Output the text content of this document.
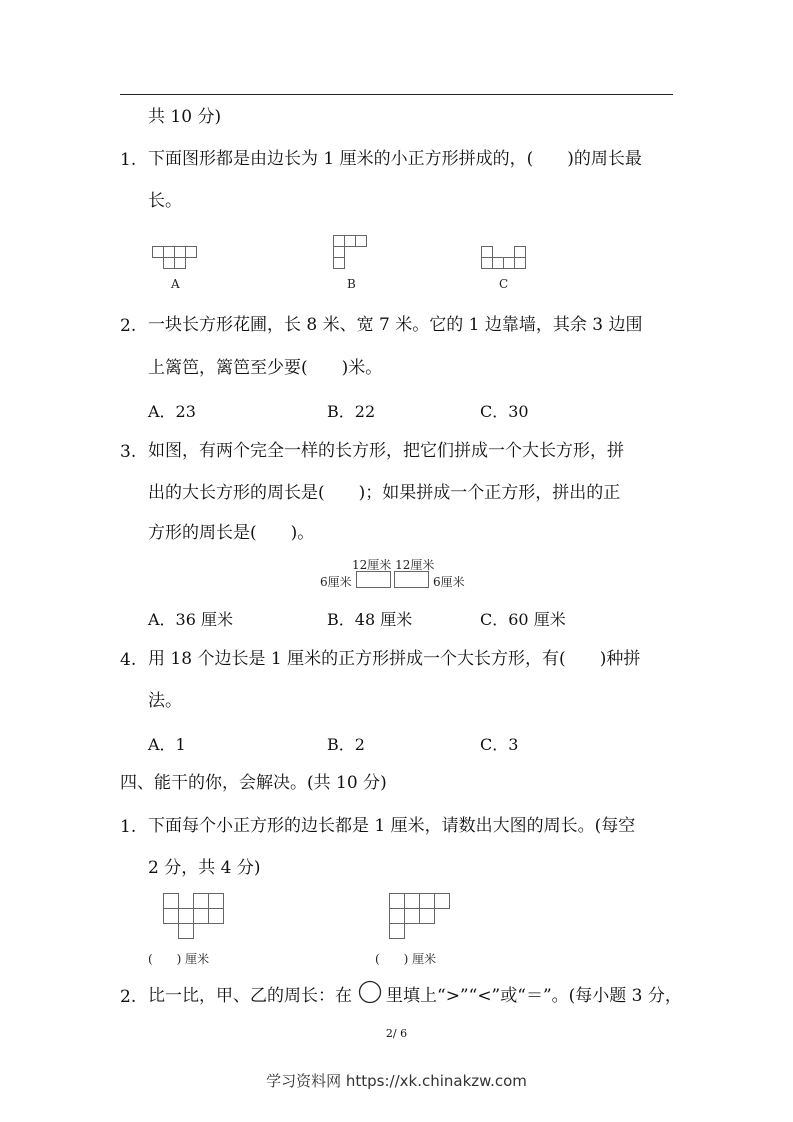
共 10 分)
1. 下面图形都是由边长为 1 厘米的小正方形拼成的，(　　)的周长最
长。
A	B	C
2. 一块长方形花圃，长 8 米、宽 7 米。它的 1 边靠墙，其余 3 边围
上篱笆，篱笆至少要(　　)米。
A．23	B．22	C．30
3. 如图，有两个完全一样的长方形，把它们拼成一个大长方形，拼
出的大长方形的周长是(　　)；如果拼成一个正方形，拼出的正
方形的周长是(　　)。
12厘米 12厘米
6厘米	6厘米
A．36 厘米	B．48 厘米	C．60 厘米
4. 用 18 个边长是 1 厘米的正方形拼成一个大长方形，有(　　)种拼
法。
A．1	B．2	C．3
四、能干的你，会解决。(共 10 分)
1. 下面每个小正方形的边长都是 1 厘米，请数出大图的周长。(每空
2 分，共 4 分)
(　　) 厘米	(　　) 厘米
2. 比一比，甲、乙的周长：在 里填上“>”“<”或“＝”。(每小题 3 分，
2/ 6
学习资料网 https://xk.chinakzw.com
